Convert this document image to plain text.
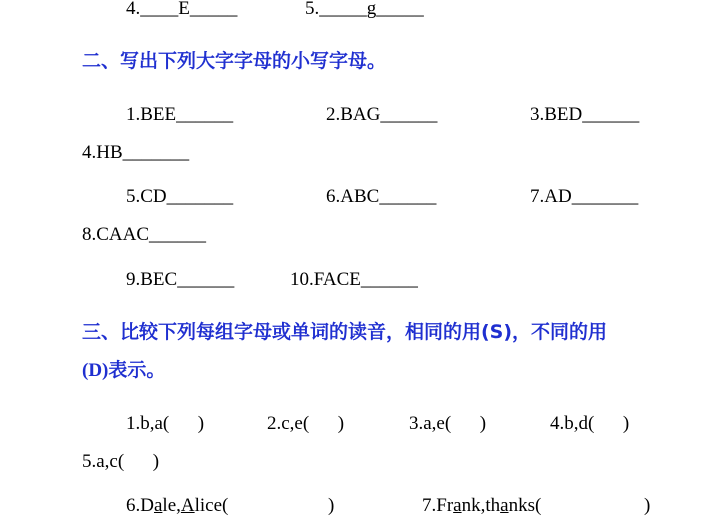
4.____E_____	5._____g_____
二、写出下列大字字母的小写字母。
1.BEE______	2.BAG______	3.BED______
4.HB_______
5.CD_______	6.ABC______	7.AD_______
8.CAAC______
9.BEC______	10.FACE______
三、比较下列每组字母或单词的读音，相同的用(S)，不同的用
(D)表示。
1.b,a(      )	2.c,e(      )	3.a,e(      )	4.b,d(      )
5.a,c(      )
6.Dale,Alice(	)	7.Frank,thanks(	)
